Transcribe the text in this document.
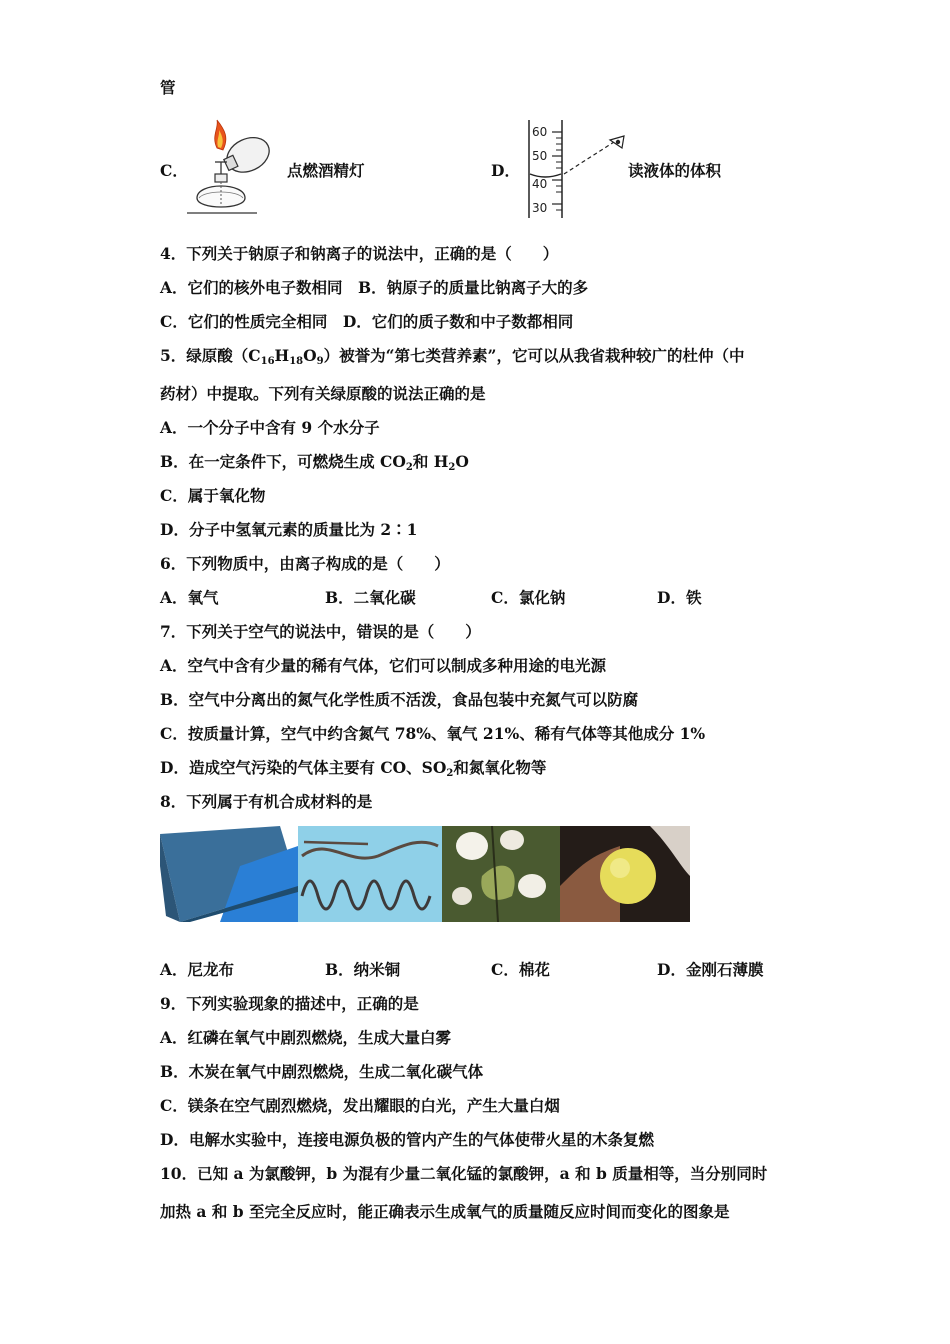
管
C．	点燃酒精灯	D．
60
50
40
30
读液体的体积
4．下列关于钠原子和钠离子的说法中，正确的是（　　）
A．它们的核外电子数相同　B．钠原子的质量比钠离子大的多
C．它们的性质完全相同　D．它们的质子数和中子数都相同
5．绿原酸$(C_{16}H_{18}O_9)$被誉为“第七类营养素”，它可以从我省栽种较广的杜仲（中
药材）中提取。下列有关绿原酸的说法正确的是
A．一个分子中含有 9 个水分子
B．在一定条件下，可燃烧生成 $CO_2$和 $H_2O$
C．属于氧化物
D．分子中氢氧元素的质量比为 2∶1
6．下列物质中，由离子构成的是（　　）
A．氧气	B．二氧化碳	C．氯化钠	D．铁
7．下列关于空气的说法中，错误的是（　　）
A．空气中含有少量的稀有气体，它们可以制成多种用途的电光源
B．空气中分离出的氮气化学性质不活泼，食品包装中充氮气可以防腐
C．按质量计算，空气中约含氮气 78%、氧气 21%、稀有气体等其他成分 1%
D．造成空气污染的气体主要有 CO、$SO_2$和氮氧化物等
8．下列属于有机合成材料的是
A．尼龙布	B．纳米铜	C．棉花	D．金刚石薄膜
9．下列实验现象的描述中，正确的是
A．红磷在氧气中剧烈燃烧，生成大量白雾
B．木炭在氧气中剧烈燃烧，生成二氧化碳气体
C．镁条在空气剧烈燃烧，发出耀眼的白光，产生大量白烟
D．电解水实验中，连接电源负极的管内产生的气体使带火星的木条复燃
10．已知 a 为氯酸钾，b 为混有少量二氧化锰的氯酸钾，a 和 b 质量相等，当分别同时
加热 a 和 b 至完全反应时，能正确表示生成氧气的质量随反应时间而变化的图象是
